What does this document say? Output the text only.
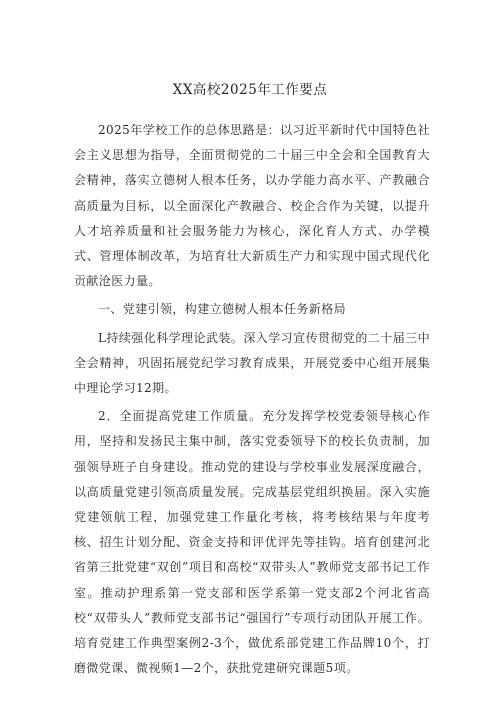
XX高校2025年工作要点

2025年学校工作的总体思路是：以习近平新时代中国特色社会主义思想为指导，全面贯彻党的二十届三中全会和全国教育大会精神，落实立德树人根本任务，以办学能力高水平、产教融合高质量为目标，以全面深化产教融合、校企合作为关键，以提升人才培养质量和社会服务能力为核心，深化育人方式、办学模式、管理体制改革，为培育壮大新质生产力和实现中国式现代化贡献沧医力量。

一、党建引领，构建立德树人根本任务新格局

L持续强化科学理论武装。深入学习宣传贯彻党的二十届三中全会精神，巩固拓展党纪学习教育成果，开展党委中心组开展集中理论学习12期。

2．全面提高党建工作质量。充分发挥学校党委领导核心作用，坚持和发扬民主集中制，落实党委领导下的校长负责制，加强领导班子自身建设。推动党的建设与学校事业发展深度融合，以高质量党建引领高质量发展。完成基层党组织换届。深入实施党建领航工程，加强党建工作量化考核，将考核结果与年度考核、招生计划分配、资金支持和评优评先等挂钩。培育创建河北省第三批党建“双创”项目和高校“双带头人”教师党支部书记工作室。推动护理系第一党支部和医学系第一党支部2个河北省高校“双带头人”教师党支部书记“强国行”专项行动团队开展工作。培育党建工作典型案例2-3个，做优系部党建工作品牌10个，打磨微党课、微视频1—2个，获批党建研究课题5项。
